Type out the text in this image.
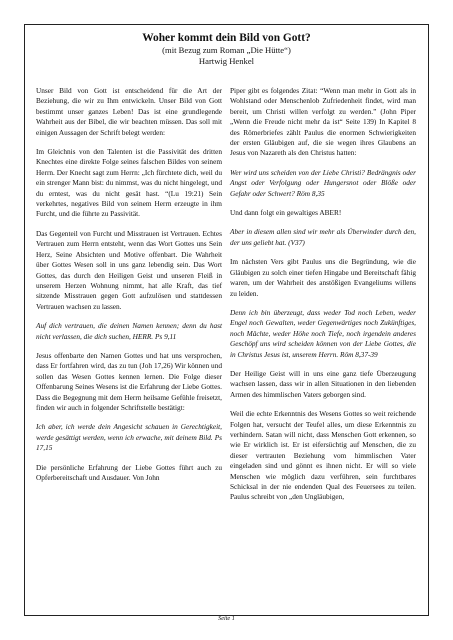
Woher kommt dein Bild von Gott?
(mit Bezug zum Roman „Die Hütte“)
Hartwig Henkel

Unser Bild von Gott ist entscheidend für die Art der Beziehung, die wir zu Ihm entwickeln. Unser Bild von Gott bestimmt unser ganzes Leben! Das ist eine grundlegende Wahrheit aus der Bibel, die wir beachten müssen. Das soll mit einigen Aussagen der Schrift belegt werden:

Im Gleichnis von den Talenten ist die Passivität des dritten Knechtes eine direkte Folge seines falschen Bildes von seinem Herrn. Der Knecht sagt zum Herrn: „Ich fürchtete dich, weil du ein strenger Mann bist: du nimmst, was du nicht hingelegt, und du erntest, was du nicht gesät hast. “(Lu 19:21) Sein verkehrtes, negatives Bild von seinem Herrn erzeugte in ihm Furcht, und die führte zu Passivität.

Das Gegenteil von Furcht und Misstrauen ist Vertrauen. Echtes Vertrauen zum Herrn entsteht, wenn das Wort Gottes uns Sein Herz, Seine Absichten und Motive offenbart. Die Wahrheit über Gottes Wesen soll in uns ganz lebendig sein. Das Wort Gottes, das durch den Heiligen Geist und unseren Fleiß in unserem Herzen Wohnung nimmt, hat alle Kraft, das tief sitzende Misstrauen gegen Gott aufzulösen und stattdessen Vertrauen wachsen zu lassen.

Auf dich vertrauen, die deinen Namen kennen; denn du hast nicht verlassen, die dich suchen, HERR. Ps 9,11

Jesus offenbarte den Namen Gottes und hat uns versprochen, dass Er fortfahren wird, das zu tun (Joh 17,26) Wir können und sollen das Wesen Gottes kennen lernen. Die Folge dieser Offenbarung Seines Wesens ist die Erfahrung der Liebe Gottes. Dass die Begegnung mit dem Herrn heilsame Gefühle freisetzt, finden wir auch in folgender Schriftstelle bestätigt:

Ich aber, ich werde dein Angesicht schauen in Gerechtigkeit, werde gesättigt werden, wenn ich erwache, mit deinem Bild. Ps 17,15

Die persönliche Erfahrung der Liebe Gottes führt auch zu Opferbereitschaft und Ausdauer. Von John

Piper gibt es folgendes Zitat: “Wenn man mehr in Gott als in Wohlstand oder Menschenlob Zufriedenheit findet, wird man bereit, um Christi willen verfolgt zu werden.” (John Piper „Wenn die Freude nicht mehr da ist“ Seite 139) In Kapitel 8 des Römerbriefes zählt Paulus die enormen Schwierigkeiten der ersten Gläubigen auf, die sie wegen ihres Glaubens an Jesus von Nazareth als den Christus hatten:

Wer wird uns scheiden von der Liebe Christi? Bedrängnis oder Angst oder Verfolgung oder Hungersnot oder Blöße oder Gefahr oder Schwert? Röm 8,35

Und dann folgt ein gewaltiges ABER!

Aber in diesem allen sind wir mehr als Überwinder durch den, der uns geliebt hat. (V37)

Im nächsten Vers gibt Paulus uns die Begründung, wie die Gläubigen zu solch einer tiefen Hingabe und Bereitschaft fähig waren, um der Wahrheit des anstößigen Evangeliums willens zu leiden.

Denn ich bin überzeugt, dass weder Tod noch Leben, weder Engel noch Gewalten, weder Gegenwärtiges noch Zukünftiges, noch Mächte, weder Höhe noch Tiefe, noch irgendein anderes Geschöpf uns wird scheiden können von der Liebe Gottes, die in Christus Jesus ist, unserem Herrn. Röm 8,37-39

Der Heilige Geist will in uns eine ganz tiefe Überzeugung wachsen lassen, dass wir in allen Situationen in den liebenden Armen des himmlischen Vaters geborgen sind.

Weil die echte Erkenntnis des Wesens Gottes so weit reichende Folgen hat, versucht der Teufel alles, um diese Erkenntnis zu verhindern. Satan will nicht, dass Menschen Gott erkennen, so wie Er wirklich ist. Er ist eifersüchtig auf Menschen, die zu dieser vertrauten Beziehung vom himmlischen Vater eingeladen sind und gönnt es ihnen nicht. Er will so viele Menschen wie möglich dazu verführen, sein furchtbares Schicksal in der nie endenden Qual des Feuersees zu teilen. Paulus schreibt von „den Ungläubigen,

Seite 1
